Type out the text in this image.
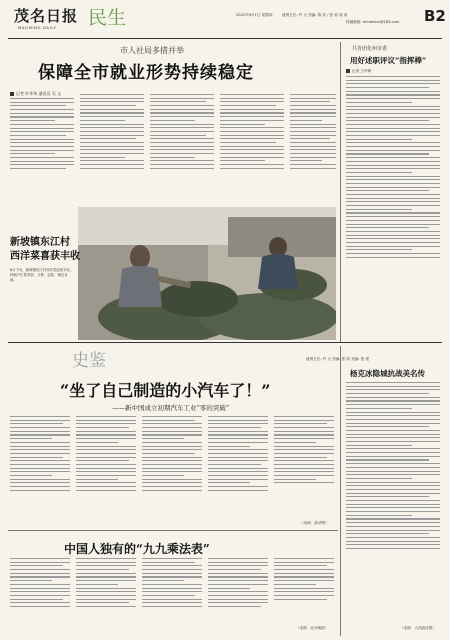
茂名日报
MAOMING DAILY 民生	2022年9月1日 星期四	值班主任: 许 旦 责编: 陈 武 / 张 琼 周 涛
投稿邮箱: mmdnbm@163.com B2
市人社局多措并举
保障全市就业形势持续稳定
记者 叶华华 通讯员 吴 文
新坡镇东江村
西洋菜喜获丰收
8月下旬，新坡镇东江村西洋菜迎来丰收，种植户忙着采收、分拣、包装，销往各地。
共青团化州市委
用好述职评议“指挥棒”
记者 王华锋
史鉴	值班主任: 许 旦 责编: 张 绍 美编: 张 建
“坐了自己制造的小汽车了！”
——新中国成立初期汽车工业“零的突破”
（来源：新华网）
中国人独有的“九九乘法表”
（来源：北京晚报）
杨克冰隐城抗战美名传
（来源：人民政协报）
